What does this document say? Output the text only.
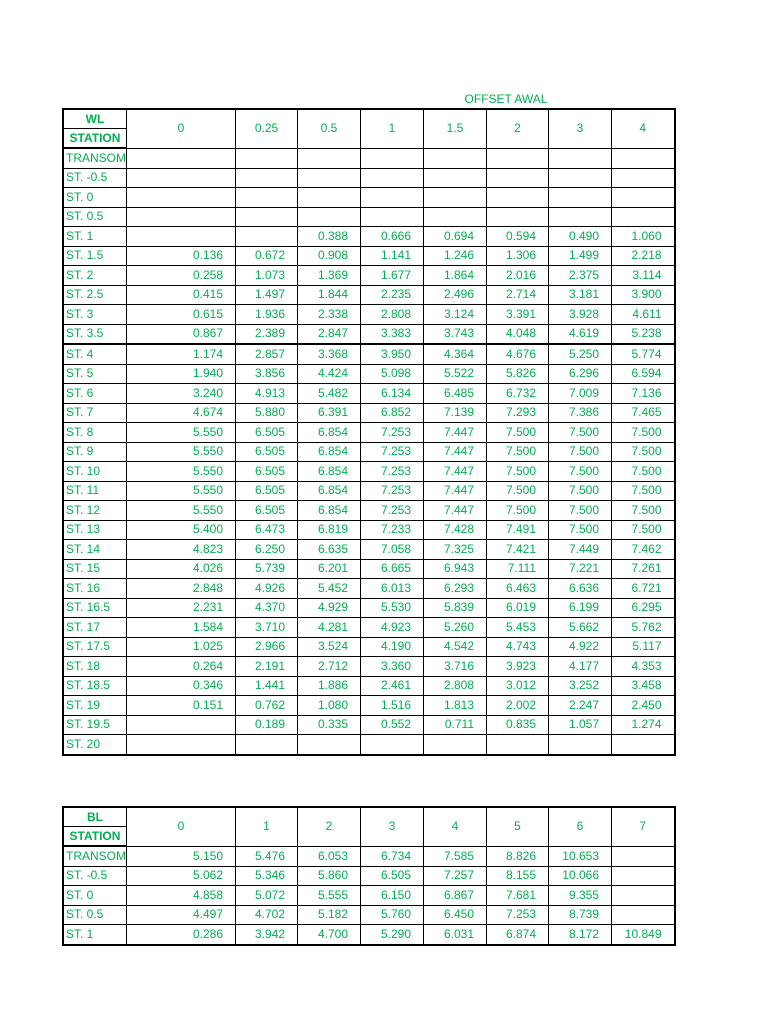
OFFSET AWAL
WL	0	0.25	0.5	1	1.5	2	3	4
STATION								
TRANSOM								
ST. -0.5								
ST. 0								
ST. 0.5								
ST. 1			0.388	0.666	0.694	0.594	0.490	1.060
ST. 1.5	0.136	0.672	0.908	1.141	1.246	1.306	1.499	2.218
ST. 2	0.258	1.073	1.369	1.677	1.864	2.016	2.375	3.114
ST. 2.5	0.415	1.497	1.844	2.235	2.496	2.714	3.181	3.900
ST. 3	0.615	1.936	2.338	2.808	3.124	3.391	3.928	4.611
ST. 3.5	0.867	2.389	2.847	3.383	3.743	4.048	4.619	5.238
ST. 4	1.174	2.857	3.368	3.950	4.364	4.676	5.250	5.774
ST. 5	1.940	3.856	4.424	5.098	5.522	5.826	6.296	6.594
ST. 6	3.240	4.913	5.482	6.134	6.485	6.732	7.009	7.136
ST. 7	4.674	5.880	6.391	6.852	7.139	7.293	7.386	7.465
ST. 8	5.550	6.505	6.854	7.253	7.447	7.500	7.500	7.500
ST. 9	5.550	6.505	6.854	7.253	7.447	7.500	7.500	7.500
ST. 10	5.550	6.505	6.854	7.253	7.447	7.500	7.500	7.500
ST. 11	5.550	6.505	6.854	7.253	7.447	7.500	7.500	7.500
ST. 12	5.550	6.505	6.854	7.253	7.447	7.500	7.500	7.500
ST. 13	5.400	6.473	6.819	7.233	7.428	7.491	7.500	7.500
ST. 14	4.823	6.250	6.635	7.058	7.325	7.421	7.449	7.462
ST. 15	4.026	5.739	6.201	6.665	6.943	7.111	7.221	7.261
ST. 16	2.848	4.926	5.452	6.013	6.293	6.463	6.636	6.721
ST. 16.5	2.231	4.370	4.929	5.530	5.839	6.019	6.199	6.295
ST. 17	1.584	3.710	4.281	4.923	5.260	5.453	5.662	5.762
ST. 17.5	1.025	2.966	3.524	4.190	4.542	4.743	4.922	5.117
ST. 18	0.264	2.191	2.712	3.360	3.716	3.923	4.177	4.353
ST. 18.5	0.346	1.441	1.886	2.461	2.808	3.012	3.252	3.458
ST. 19	0.151	0.762	1.080	1.516	1.813	2.002	2.247	2.450
ST. 19.5		0.189	0.335	0.552	0.711	0.835	1.057	1.274
ST. 20								
BL	0	1	2	3	4	5	6	7
STATION								
TRANSOM	5.150	5.476	6.053	6.734	7.585	8.826	10.653	
ST. -0.5	5.062	5.346	5.860	6.505	7.257	8.155	10.066	
ST. 0	4.858	5.072	5.555	6.150	6.867	7.681	9.355	
ST. 0.5	4.497	4.702	5.182	5.760	6.450	7.253	8.739	
ST. 1	0.286	3.942	4.700	5.290	6.031	6.874	8.172	10.849
